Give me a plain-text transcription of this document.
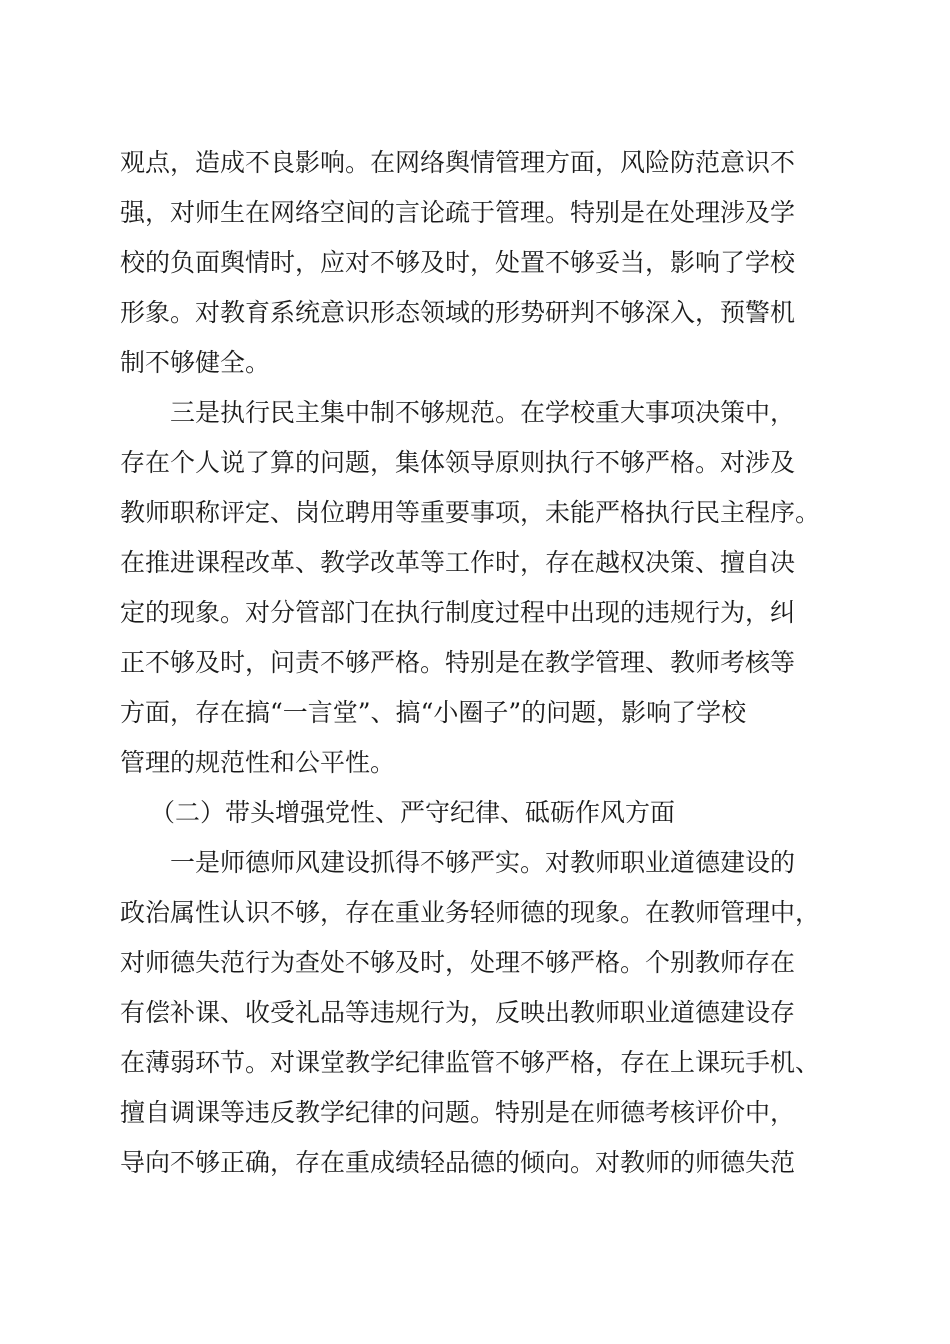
观点，造成不良影响。在网络舆情管理方面，风险防范意识不
强，对师生在网络空间的言论疏于管理。特别是在处理涉及学
校的负面舆情时，应对不够及时，处置不够妥当，影响了学校
形象。对教育系统意识形态领域的形势研判不够深入，预警机
制不够健全。
三是执行民主集中制不够规范。在学校重大事项决策中，
存在个人说了算的问题，集体领导原则执行不够严格。对涉及
教师职称评定、岗位聘用等重要事项，未能严格执行民主程序。
在推进课程改革、教学改革等工作时，存在越权决策、擅自决
定的现象。对分管部门在执行制度过程中出现的违规行为，纠
正不够及时，问责不够严格。特别是在教学管理、教师考核等
方面，存在搞“一言堂”、搞“小圈子”的问题，影响了学校
管理的规范性和公平性。
（二）带头增强党性、严守纪律、砥砺作风方面
一是师德师风建设抓得不够严实。对教师职业道德建设的
政治属性认识不够，存在重业务轻师德的现象。在教师管理中，
对师德失范行为查处不够及时，处理不够严格。个别教师存在
有偿补课、收受礼品等违规行为，反映出教师职业道德建设存
在薄弱环节。对课堂教学纪律监管不够严格，存在上课玩手机、
擅自调课等违反教学纪律的问题。特别是在师德考核评价中，
导向不够正确，存在重成绩轻品德的倾向。对教师的师德失范
